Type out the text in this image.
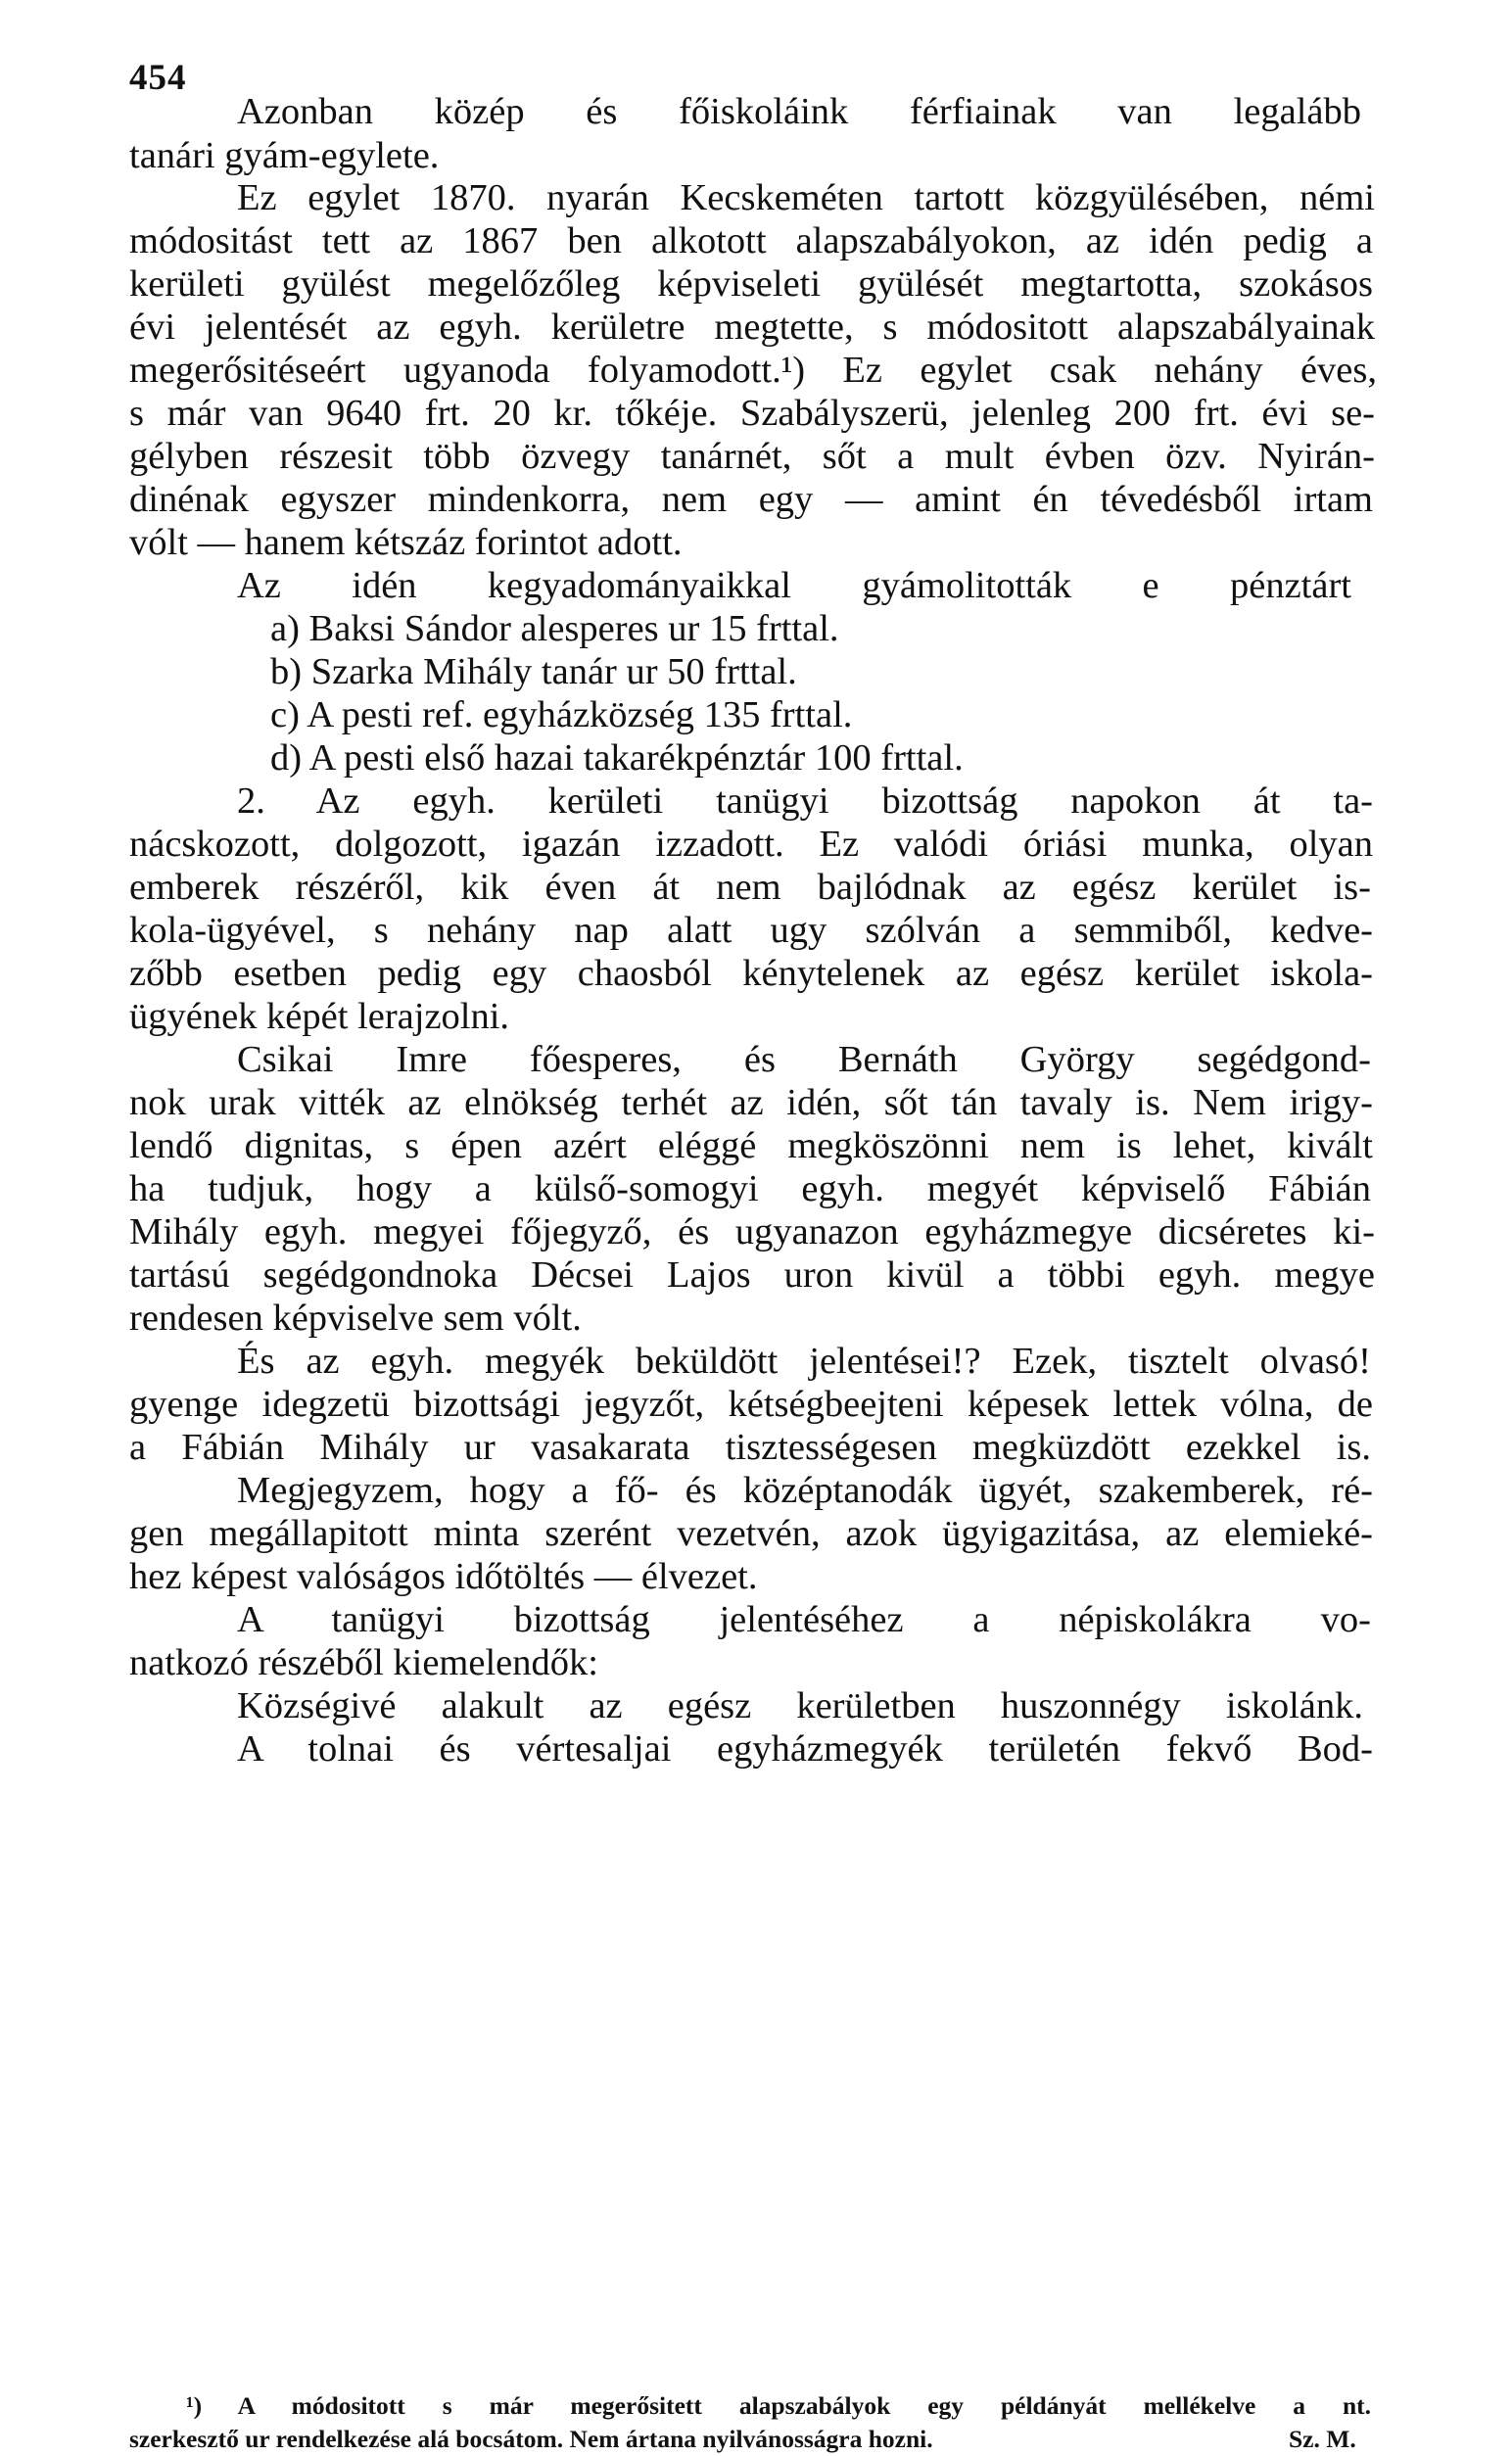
454
Azonban közép és főiskoláink férfiainak van legalább
tanári gyám-egylete.
Ez egylet 1870. nyarán Kecskeméten tartott közgyülésében, némi
módositást tett az 1867 ben alkotott alapszabályokon, az idén pedig a
kerületi gyülést megelőzőleg képviseleti gyülését megtartotta, szokásos
évi jelentését az egyh. kerületre megtette, s módositott alapszabályainak
megerősitéseért ugyanoda folyamodott.¹) Ez egylet csak nehány éves,
s már van 9640 frt. 20 kr. tőkéje. Szabályszerü, jelenleg 200 frt. évi se-
gélyben részesit több özvegy tanárnét, sőt a mult évben özv. Nyirán-
dinénak egyszer mindenkorra, nem egy — amint én tévedésből irtam
vólt — hanem kétszáz forintot adott.
Az idén kegyadományaikkal gyámolitották e pénztárt
a) Baksi Sándor alesperes ur 15 frttal.
b) Szarka Mihály tanár ur 50 frttal.
c) A pesti ref. egyházközség 135 frttal.
d) A pesti első hazai takarékpénztár 100 frttal.
2. Az egyh. kerületi tanügyi bizottság napokon át ta-
nácskozott, dolgozott, igazán izzadott. Ez valódi óriási munka, olyan
emberek részéről, kik éven át nem bajlódnak az egész kerület is-
kola-ügyével, s nehány nap alatt ugy szólván a semmiből, kedve-
zőbb esetben pedig egy chaosból kénytelenek az egész kerület iskola-
ügyének képét lerajzolni.
Csikai Imre főesperes, és Bernáth György segédgond-
nok urak vitték az elnökség terhét az idén, sőt tán tavaly is. Nem irigy-
lendő dignitas, s épen azért eléggé megköszönni nem is lehet, kivált
ha tudjuk, hogy a külső-somogyi egyh. megyét képviselő Fábián
Mihály egyh. megyei főjegyző, és ugyanazon egyházmegye dicséretes ki-
tartású segédgondnoka Décsei Lajos uron kivül a többi egyh. megye
rendesen képviselve sem vólt.
És az egyh. megyék beküldött jelentései!? Ezek, tisztelt olvasó!
gyenge idegzetü bizottsági jegyzőt, kétségbeejteni képesek lettek vólna, de
a Fábián Mihály ur vasakarata tisztességesen megküzdött ezekkel is.
Megjegyzem, hogy a fő- és középtanodák ügyét, szakemberek, ré-
gen megállapitott minta szerént vezetvén, azok ügyigazitása, az elemieké-
hez képest valóságos időtöltés — élvezet.
A tanügyi bizottság jelentéséhez a népiskolákra vo-
natkozó részéből kiemelendők:
Községivé alakult az egész kerületben huszonnégy iskolánk.
A tolnai és vértesaljai egyházmegyék területén fekvő Bod-
¹) A módositott s már megerősitett alapszabályok egy példányát mellékelve a nt.
szerkesztő ur rendelkezése alá bocsátom. Nem ártana nyilvánosságra hozni.	Sz. M.
